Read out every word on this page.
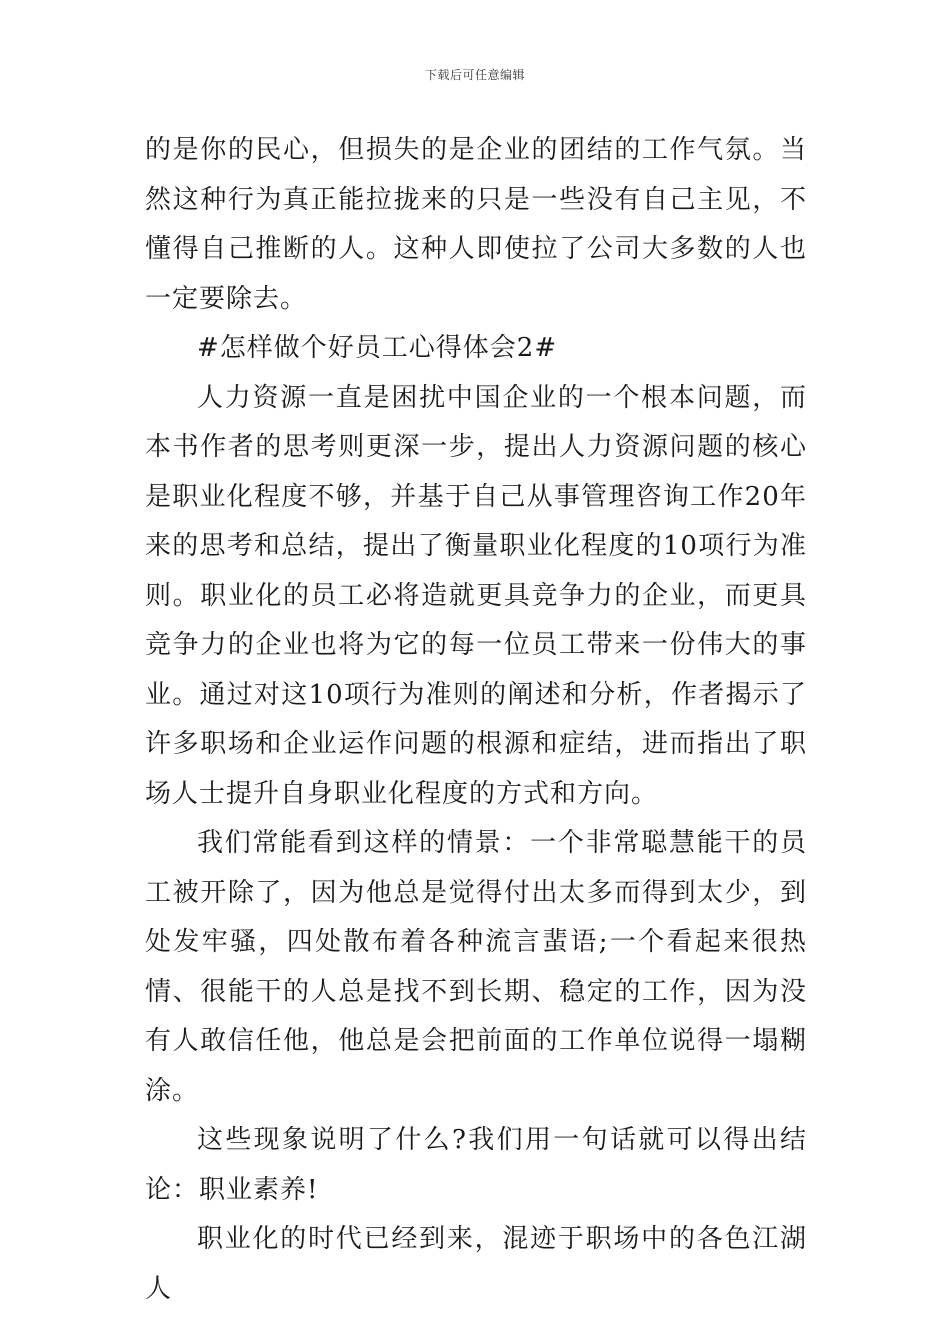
下载后可任意编辑

的是你的民心，但损失的是企业的团结的工作气氛。当然这种行为真正能拉拢来的只是一些没有自己主见，不懂得自己推断的人。这种人即使拉了公司大多数的人也一定要除去。

#怎样做个好员工心得体会2#

人力资源一直是困扰中国企业的一个根本问题，而本书作者的思考则更深一步，提出人力资源问题的核心是职业化程度不够，并基于自己从事管理咨询工作20年来的思考和总结，提出了衡量职业化程度的10项行为准则。职业化的员工必将造就更具竞争力的企业，而更具竞争力的企业也将为它的每一位员工带来一份伟大的事业。通过对这10项行为准则的阐述和分析，作者揭示了许多职场和企业运作问题的根源和症结，进而指出了职场人士提升自身职业化程度的方式和方向。

我们常能看到这样的情景：一个非常聪慧能干的员工被开除了，因为他总是觉得付出太多而得到太少，到处发牢骚，四处散布着各种流言蜚语;一个看起来很热情、很能干的人总是找不到长期、稳定的工作，因为没有人敢信任他，他总是会把前面的工作单位说得一塌糊涂。

这些现象说明了什么?我们用一句话就可以得出结论：职业素养!

职业化的时代已经到来，混迹于职场中的各色江湖人
